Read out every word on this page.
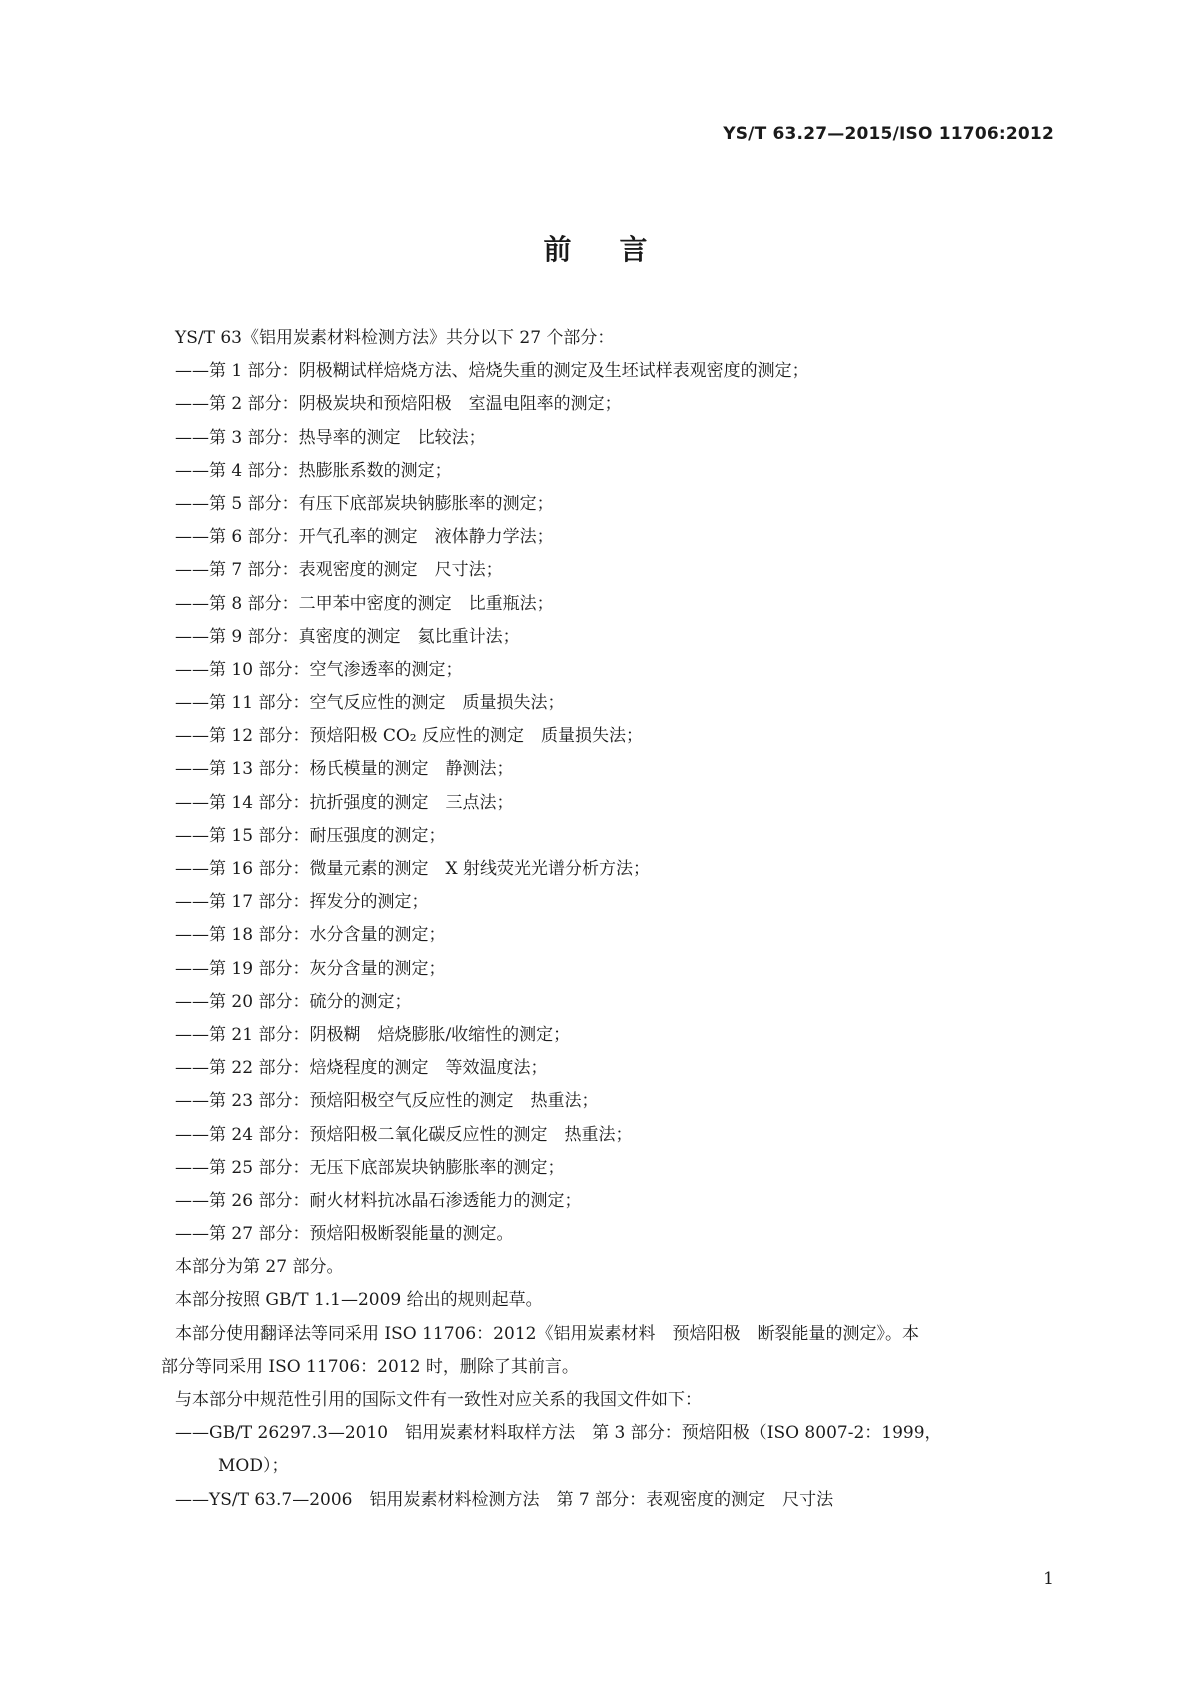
YS/T 63.27—2015/ISO 11706:2012
前言
YS/T 63《铝用炭素材料检测方法》共分以下 27 个部分：
——第 1 部分：阴极糊试样焙烧方法、焙烧失重的测定及生坯试样表观密度的测定；
——第 2 部分：阴极炭块和预焙阳极　室温电阻率的测定；
——第 3 部分：热导率的测定　比较法；
——第 4 部分：热膨胀系数的测定；
——第 5 部分：有压下底部炭块钠膨胀率的测定；
——第 6 部分：开气孔率的测定　液体静力学法；
——第 7 部分：表观密度的测定　尺寸法；
——第 8 部分：二甲苯中密度的测定　比重瓶法；
——第 9 部分：真密度的测定　氦比重计法；
——第 10 部分：空气渗透率的测定；
——第 11 部分：空气反应性的测定　质量损失法；
——第 12 部分：预焙阳极 CO₂ 反应性的测定　质量损失法；
——第 13 部分：杨氏模量的测定　静测法；
——第 14 部分：抗折强度的测定　三点法；
——第 15 部分：耐压强度的测定；
——第 16 部分：微量元素的测定　X 射线荧光光谱分析方法；
——第 17 部分：挥发分的测定；
——第 18 部分：水分含量的测定；
——第 19 部分：灰分含量的测定；
——第 20 部分：硫分的测定；
——第 21 部分：阴极糊　焙烧膨胀/收缩性的测定；
——第 22 部分：焙烧程度的测定　等效温度法；
——第 23 部分：预焙阳极空气反应性的测定　热重法；
——第 24 部分：预焙阳极二氧化碳反应性的测定　热重法；
——第 25 部分：无压下底部炭块钠膨胀率的测定；
——第 26 部分：耐火材料抗冰晶石渗透能力的测定；
——第 27 部分：预焙阳极断裂能量的测定。
本部分为第 27 部分。
本部分按照 GB/T 1.1—2009 给出的规则起草。
本部分使用翻译法等同采用 ISO 11706：2012《铝用炭素材料　预焙阳极　断裂能量的测定》。本
部分等同采用 ISO 11706：2012 时，删除了其前言。
与本部分中规范性引用的国际文件有一致性对应关系的我国文件如下：
——GB/T 26297.3—2010　铝用炭素材料取样方法　第 3 部分：预焙阳极（ISO 8007-2：1999，
MOD）；
——YS/T 63.7—2006　铝用炭素材料检测方法　第 7 部分：表观密度的测定　尺寸法
1
